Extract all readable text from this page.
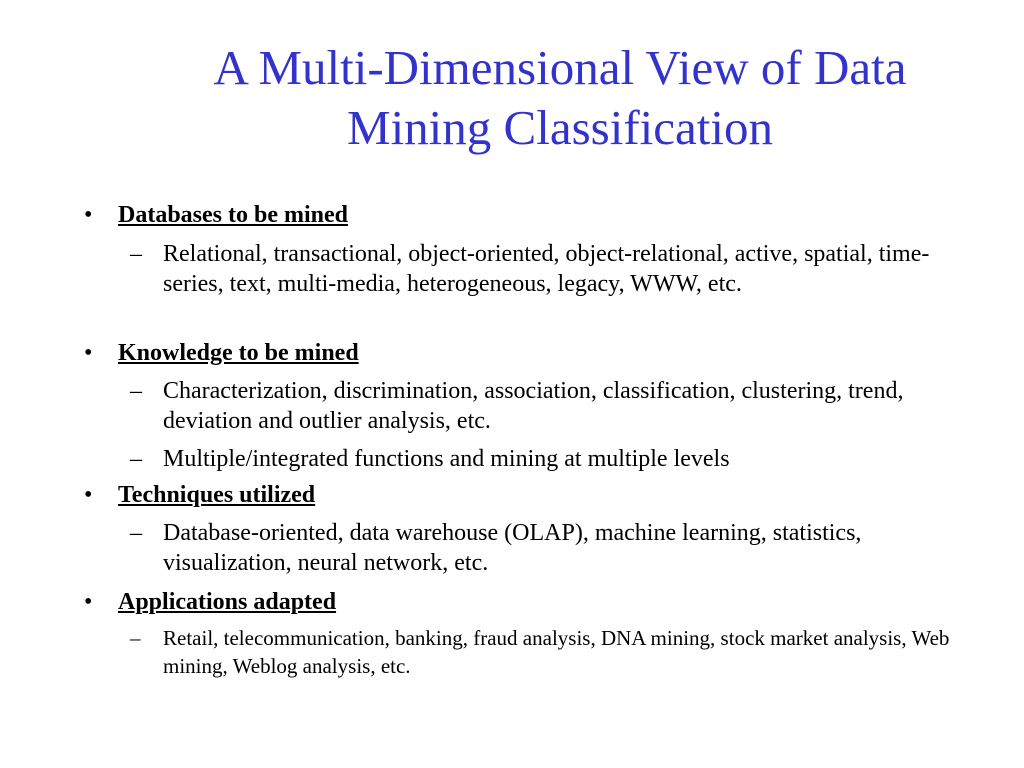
A Multi-Dimensional View of Data Mining Classification
• Databases to be mined
– Relational, transactional, object-oriented, object-relational, active, spatial, time-series, text, multi-media, heterogeneous, legacy, WWW, etc.
• Knowledge to be mined
– Characterization, discrimination, association, classification, clustering, trend, deviation and outlier analysis, etc.
– Multiple/integrated functions and mining at multiple levels
• Techniques utilized
– Database-oriented, data warehouse (OLAP), machine learning, statistics, visualization, neural network, etc.
• Applications adapted
– Retail, telecommunication, banking, fraud analysis, DNA mining, stock market analysis, Web mining, Weblog analysis, etc.
